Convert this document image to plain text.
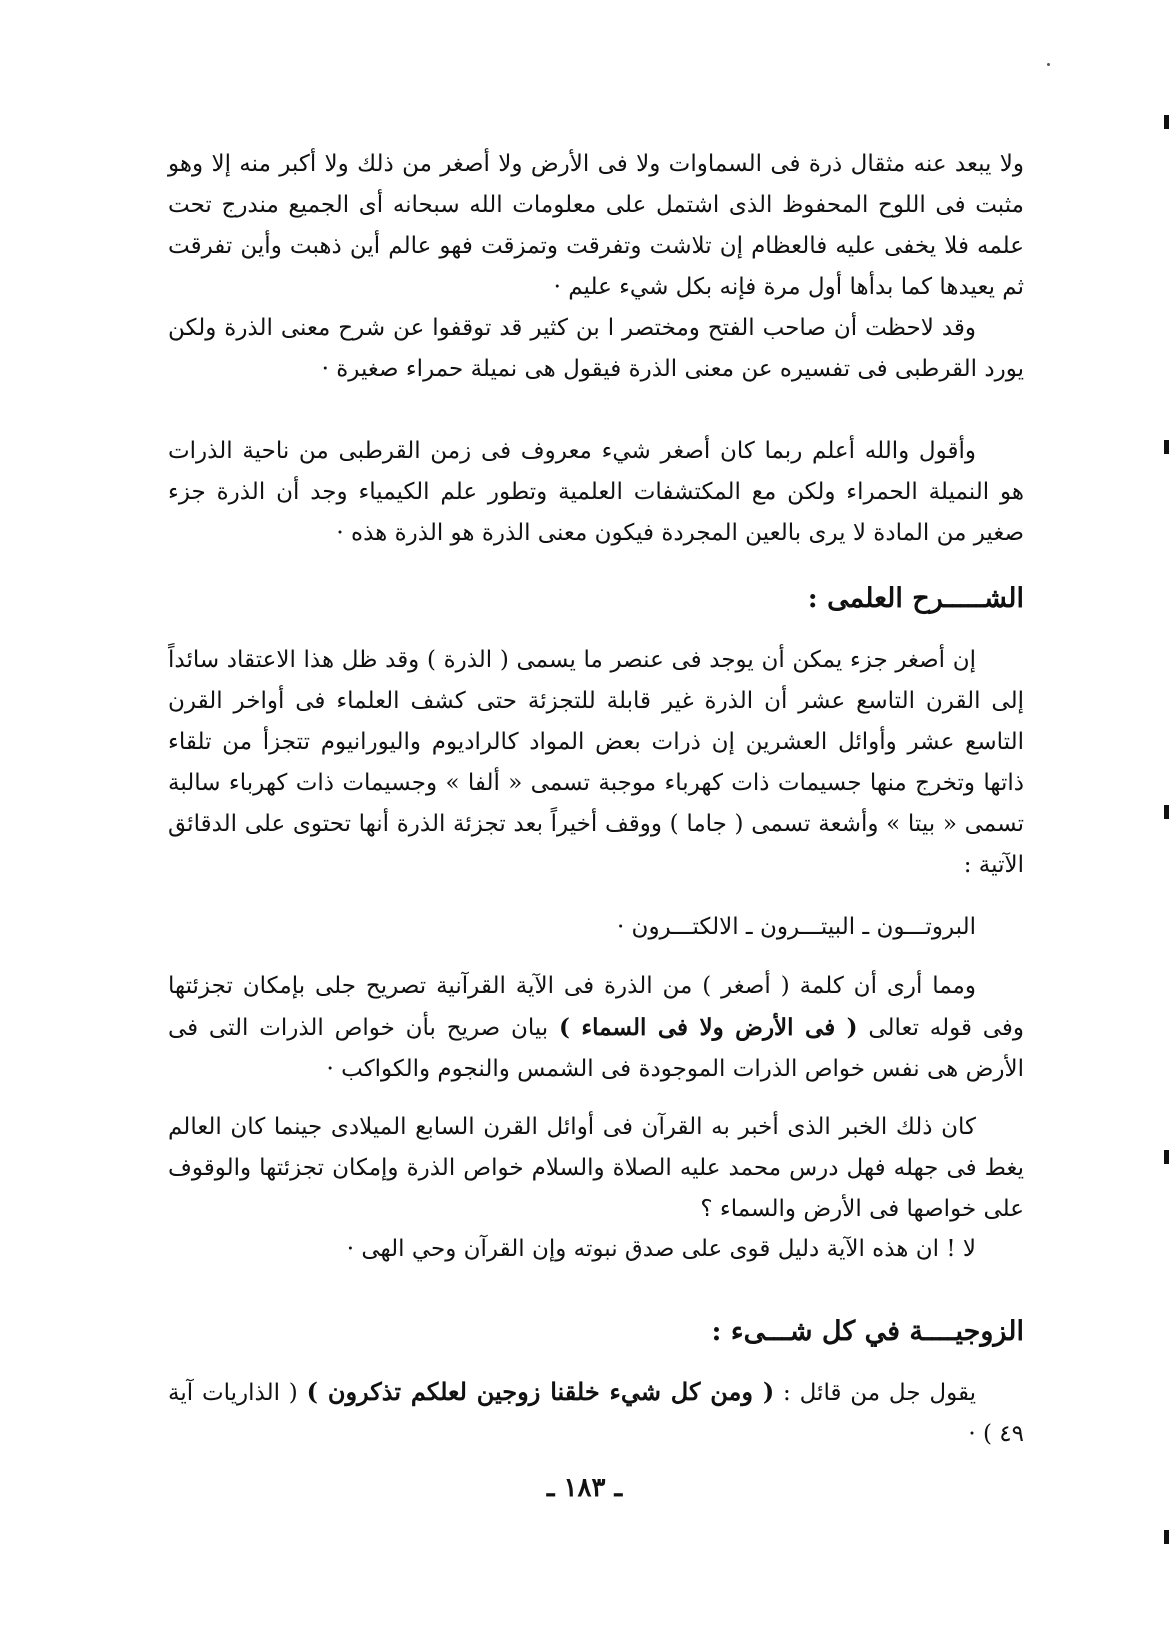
ولا يبعد عنه مثقال ذرة فى السماوات ولا فى الأرض ولا أصغر من ذلك ولا أكبر منه إلا وهو مثبت فى اللوح المحفوظ الذى اشتمل على معلومات الله سبحانه أى الجميع مندرج تحت علمه فلا يخفى عليه فالعظام إن تلاشت وتفرقت وتمزقت فهو عالم أين ذهبت وأين تفرقت ثم يعيدها كما بدأها أول مرة فإنه بكل شيء عليم ·

وقد لاحظت أن صاحب الفتح ومختصر ا بن كثير قد توقفوا عن شرح معنى الذرة ولكن يورد القرطبى فى تفسيره عن معنى الذرة فيقول هى نميلة حمراء صغيرة ·

وأقول والله أعلم ربما كان أصغر شيء معروف فى زمن القرطبى من ناحية الذرات هو النميلة الحمراء ولكن مع المكتشفات العلمية وتطور علم الكيمياء وجد أن الذرة جزء صغير من المادة لا يرى بالعين المجردة فيكون معنى الذرة هو الذرة هذه ·

الشـــــرح العلمى :

إن أصغر جزء يمكن أن يوجد فى عنصر ما يسمى ( الذرة ) وقد ظل هذا الاعتقاد سائداً إلى القرن التاسع عشر أن الذرة غير قابلة للتجزئة حتى كشف العلماء فى أواخر القرن التاسع عشر وأوائل العشرين إن ذرات بعض المواد كالراديوم واليورانيوم تتجزأ من تلقاء ذاتها وتخرج منها جسيمات ذات كهرباء موجبة تسمى « ألفا » وجسيمات ذات كهرباء سالبة تسمى « بيتا » وأشعة تسمى ( جاما ) ووقف أخيراً بعد تجزئة الذرة أنها تحتوى على الدقائق الآتية :

البروتـــون ـ البيتـــرون ـ الالكتـــرون ·

ومما أرى أن كلمة ( أصغر ) من الذرة فى الآية القرآنية تصريح جلى بإمكان تجزئتها وفى قوله تعالى ( فى الأرض ولا فى السماء ) بيان صريح بأن خواص الذرات التى فى الأرض هى نفس خواص الذرات الموجودة فى الشمس والنجوم والكواكب ·

كان ذلك الخبر الذى أخبر به القرآن فى أوائل القرن السابع الميلادى جينما كان العالم يغط فى جهله فهل درس محمد عليه الصلاة والسلام خواص الذرة وإمكان تجزئتها والوقوف على خواصها فى الأرض والسماء ؟

لا ! ان هذه الآية دليل قوى على صدق نبوته وإن القرآن وحي الهى ·

الزوجيــــة في كل شـــىء :

يقول جل من قائل : ( ومن كل شيء خلقنا زوجين لعلكم تذكرون ) ( الذاريات آية ٤٩ ) ·

ـ ١٨٣ ـ
